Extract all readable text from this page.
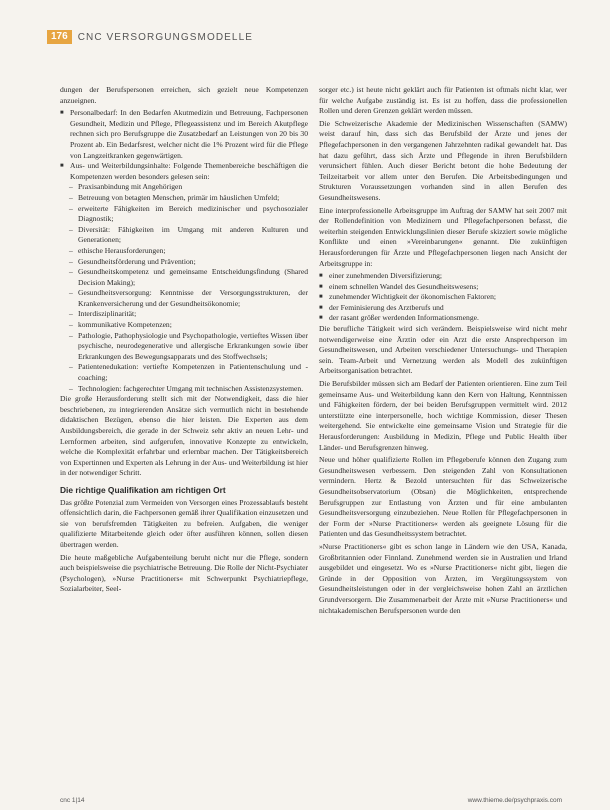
176	CNC VERSORGUNGSMODELLE

dungen der Berufspersonen erreichen, sich gezielt neue Kompetenzen anzueignen.

■ Personalbedarf: In den Bedarfen Akutmedizin und Betreuung, Fachpersonen Gesundheit, Medizin und Pflege, Pflegeassistenz und im Bereich Akutpflege rechnen sich pro Berufsgruppe die Zusatzbedarf an Leistungen von 20 bis 30 Prozent ab. Ein Bedarfsrest, welcher nicht die 1% Prozent wird für die Pflege von Langzeitkranken gegenwärtigen.
■ Aus- und Weiterbildungsinhalte: Folgende Themenbereiche beschäftigen die Kompetenzen werden besonders gelesen sein:
– Praxisanbindung mit Angehörigen
– Betreuung von betagten Menschen, primär im häuslichen Umfeld;
– erweiterte Fähigkeiten im Bereich medizinischer und psychosozialer Diagnostik;
– Diversität: Fähigkeiten im Umgang mit anderen Kulturen und Generationen;
– ethische Herausforderungen;
– Gesundheitsförderung und Prävention;
– Gesundheitskompetenz und gemeinsame Entscheidungsfindung (Shared Decision Making);
– Gesundheitsversorgung: Kenntnisse der Versorgungsstrukturen, der Krankenversicherung und der Gesundheitsökonomie;
– Interdisziplinarität;
– kommunikative Kompetenzen;
– Pathologie, Pathophysiologie und Psychopathologie, vertieftes Wissen über psychische, neurodegenerative und allergische Erkrankungen sowie über Erkrankungen des Bewegungsapparats und des Stoffwechsels;
– Patientenedukation: vertiefte Kompetenzen in Patientenschulung und -coaching;
– Technologien: fachgerechter Umgang mit technischen Assistenzsystemen.

Die große Herausforderung stellt sich mit der Notwendigkeit, dass die hier beschriebenen, zu integrierenden Ansätze sich vermutlich nicht in bestehende didaktischen Bezügen, ebenso die hier leisten. Die Experten aus dem Ausbildungsbereich, die gerade in der Schweiz sehr aktiv an neuen Lehr- und Lernformen arbeiten, sind aufgerufen, innovative Konzepte zu entwickeln, welche die Komplexität erfahrbar und erlernbar machen. Der Tätigkeitsbereich von Expertinnen und Experten als Lehrung in der Aus- und Weiterbildung ist hier in der notwendiger Schritt.

Die richtige Qualifikation am richtigen Ort

Das größte Potenzial zum Vermeiden von Versorgen eines Prozessablaufs besteht offensichtlich darin, die Fachpersonen gemäß ihrer Qualifikation einzusetzen und sie von berufsfremden Tätigkeiten zu befreien. Aufgaben, die weniger qualifizierte Mitarbeitende gleich oder öfter ausführen können, sollen diesen übertragen werden.

Die heute maßgebliche Aufgabenteilung beruht nicht nur die Pflege, sondern auch beispielsweise die psychiatrische Betreuung. Die Rolle der Nicht-Psychiater (Psychologen), »Nurse Practitioners« mit Schwerpunkt Psychiatriepflege, Sozialarbeiter, Seel-

sorger etc.) ist heute nicht geklärt auch für Patienten ist oftmals nicht klar, wer für welche Aufgabe zuständig ist. Es ist zu hoffen, dass die professionellen Rollen und deren Grenzen geklärt werden müssen.

Die Schweizerische Akademie der Medizinischen Wissenschaften (SAMW) weist darauf hin, dass sich das Berufsbild der Ärzte und jenes der Pflegefachpersonen in den vergangenen Jahrzehnten radikal gewandelt hat. Das hat dazu geführt, dass sich Ärzte und Pflegende in ihren Berufsbildern verunsichert fühlen. Auch dieser Bericht betont die hohe Bedeutung der Teilzeitarbeit vor allem unter den Berufen. Die Arbeitsbedingungen und Strukturen Voraussetzungen vorhanden sind in allen Berufen des Gesundheitswesens.

Eine interprofessionelle Arbeitsgruppe im Auftrag der SAMW hat seit 2007 mit der Rollendefinition von Medizinern und Pflegefachpersonen befasst, die weiterhin steigenden Entwicklungslinien dieser Berufe skizziert sowie mögliche Konflikte und einen »Vereinbarungen« genannt. Die zukünftigen Herausforderungen für Ärzte und Pflegefachpersonen liegen nach Ansicht der Arbeitsgruppe in:

■ einer zunehmenden Diversifizierung;
■ einem schnellen Wandel des Gesundheitswesens;
■ zunehmender Wichtigkeit der ökonomischen Faktoren;
■ der Feminisierung des Arztberufs und
■ der rasant größer werdenden Informationsmenge.

Die berufliche Tätigkeit wird sich verändern. Beispielsweise wird nicht mehr notwendigerweise eine Ärztin oder ein Arzt die erste Ansprechperson im Gesundheitswesen, und Arbeiten verschiedener Untersuchungs- und Therapien sein. Team-Arbeit und Vernetzung werden als Modell des zukünftigen Arbeitsorganisation betrachtet.

Die Berufsbilder müssen sich am Bedarf der Patienten orientieren. Eine zum Teil gemeinsame Aus- und Weiterbildung kann den Kern von Haltung, Kenntnissen und Fähigkeiten fördern, der bei beiden Berufsgruppen vermittelt wird. 2012 unterstützte eine interpersonelle, hoch wichtige Kommission, dieser Thesen weitergehend. Sie entwickelte eine gemeinsame Vision und Strategie für die Herausforderungen: Ausbildung in Medizin, Pflege und Public Health über Länder- und Berufsgrenzen hinweg.

Neue und höher qualifizierte Rollen im Pflegeberufe können den Zugang zum Gesundheitswesen verbessern. Den steigenden Zahl von Konsultationen vermindern. Hertz & Bezold untersuchten für das Schweizerische Gesundheitsobservatorium (Obsan) die Möglichkeiten, entsprechende Berufsgruppen zur Entlastung von Ärzten und für eine ambulanten Gesundheitsversorgung einzubeziehen. Neue Rollen für Pflegefachpersonen in der Form der »Nurse Practitioners« werden als geeignete Lösung für die Patienten und das Gesundheitssystem betrachtet.

»Nurse Practitioners« gibt es schon lange in Ländern wie den USA, Kanada, Großbritannien oder Finnland. Zunehmend werden sie in Australien und Irland ausgebildet und eingesetzt. Wo es »Nurse Practitioners« nicht gibt, liegen die Gründe in der Opposition von Ärzten, im Vergütungssystem von Gesundheitsleistungen oder in der vergleichsweise hohen Zahl an ärztlichen Grundversorgern. Die Zusammenarbeit der Ärzte mit »Nurse Practitioners« und nichtakademischen Berufspersonen wurde den

cnc 1|14	www.thieme.de/psychpraxis.com
